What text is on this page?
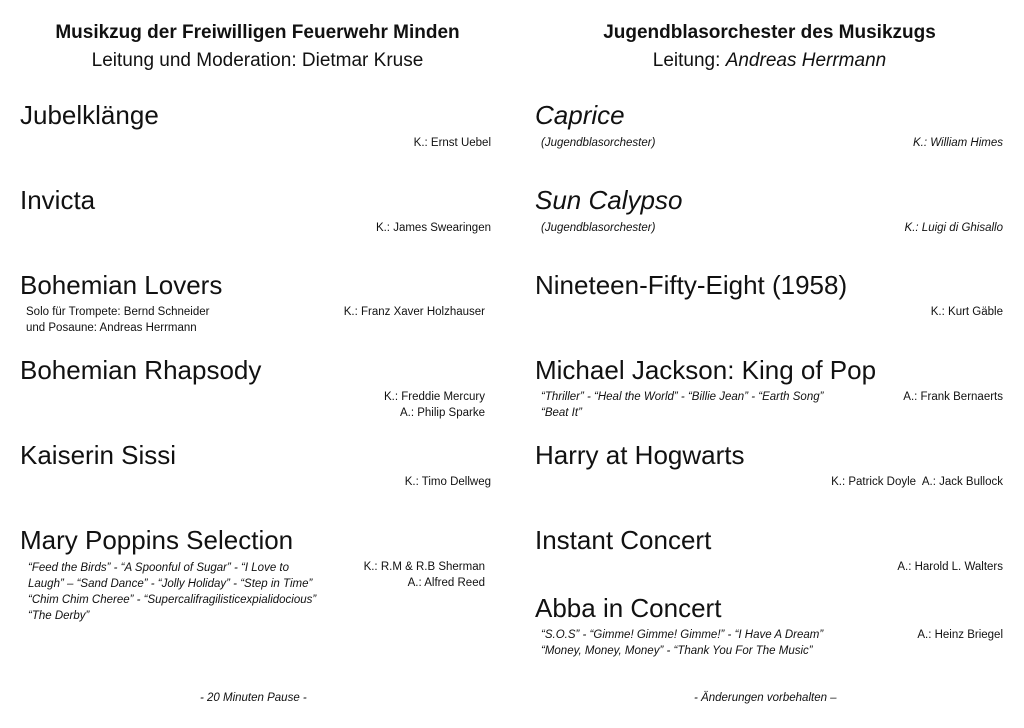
Musikzug der Freiwilligen Feuerwehr Minden
Leitung und Moderation: Dietmar Kruse
Jubelklänge
K.: Ernst Uebel
Invicta
K.: James Swearingen
Bohemian Lovers
Solo für Trompete: Bernd Schneider
und Posaune: Andreas Herrmann
K.: Franz Xaver Holzhauser
Bohemian Rhapsody
K.: Freddie Mercury
A.: Philip Sparke
Kaiserin Sissi
K.: Timo Dellweg
Mary Poppins Selection
“Feed the Birds” - “A Spoonful of Sugar” - “I Love to
Laugh” – “Sand Dance” - “Jolly Holiday” - “Step in Time”
“Chim Chim Cheree” - “Supercalifragilisticexpialidocious”
“The Derby”
K.: R.M & R.B Sherman
A.: Alfred Reed
- 20 Minuten Pause -
Jugendblasorchester des Musikzugs
Leitung: Andreas Herrmann
Caprice
(Jugendblasorchester)	K.: William Himes
Sun Calypso
(Jugendblasorchester)	K.: Luigi di Ghisallo
Nineteen-Fifty-Eight (1958)
K.: Kurt Gäble
Michael Jackson: King of Pop
“Thriller” - “Heal the World” - “Billie Jean” - “Earth Song”
“Beat It”
A.: Frank Bernaerts
Harry at Hogwarts
K.: Patrick Doyle  A.: Jack Bullock
Instant Concert
A.: Harold L. Walters
Abba in Concert
“S.O.S” - “Gimme! Gimme! Gimme!” - “I Have A Dream”
“Money, Money, Money” - “Thank You For The Music”
A.: Heinz Briegel
- Änderungen vorbehalten –
